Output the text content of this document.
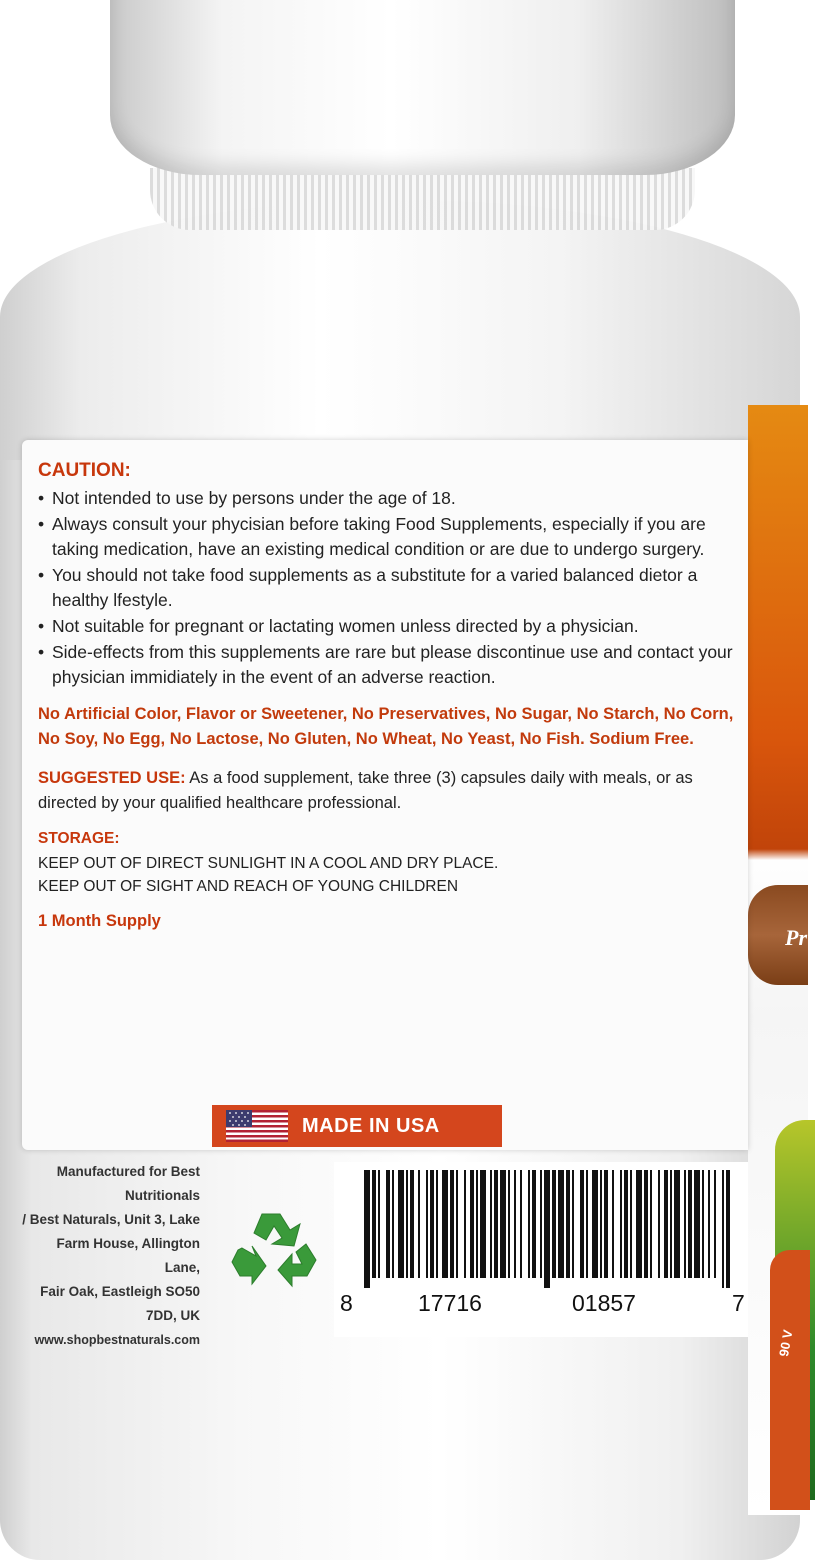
Pr
90 V
CAUTION:
• Not intended to use by persons under the age of 18.
• Always consult your phycisian before taking Food Supplements, especially if you are taking medication, have an existing medical condition or are due to undergo surgery.
• You should not take food supplements as a substitute for a varied balanced dietor a healthy lfestyle.
• Not suitable for pregnant or lactating women unless directed by a physician.
• Side-effects from this supplements are rare but please discontinue use and contact your physician immidiately in the event of an adverse reaction.
No Artificial Color, Flavor or Sweetener, No Preservatives, No Sugar, No Starch, No Corn, No Soy, No Egg, No Lactose, No Gluten, No Wheat, No Yeast, No Fish. Sodium Free.
SUGGESTED USE: As a food supplement, take three (3) capsules daily with meals, or as directed by your qualified healthcare professional.
STORAGE:
KEEP OUT OF DIRECT SUNLIGHT IN A COOL AND DRY PLACE.
KEEP OUT OF SIGHT AND REACH OF YOUNG CHILDREN
1 Month Supply
MADE IN USA
Manufactured for Best
Nutritionals
/ Best Naturals, Unit 3, Lake
Farm House, Allington Lane,
Fair Oak, Eastleigh SO50
7DD, UK
www.shopbestnaturals.com
8	17716	01857	7
